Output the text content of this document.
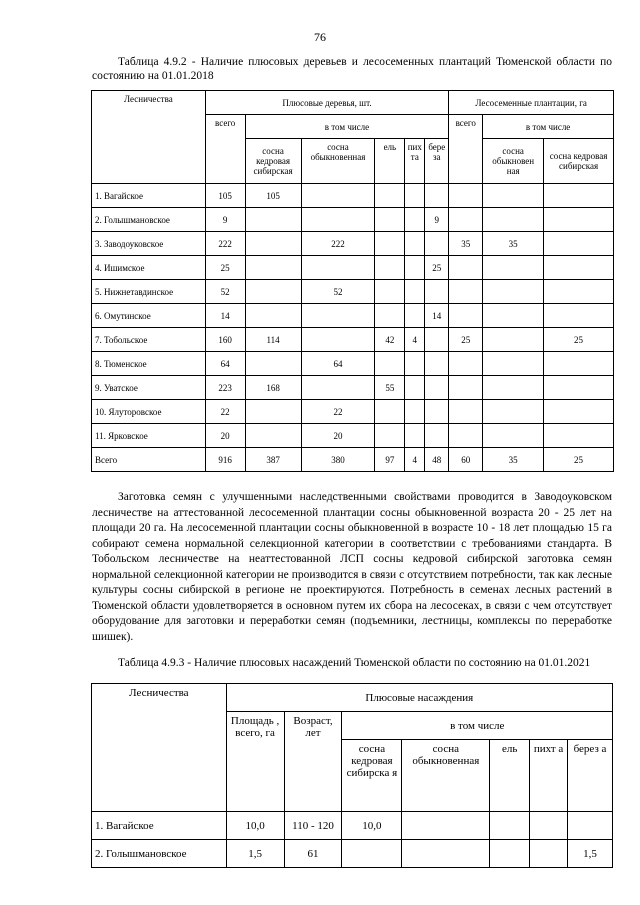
76
Таблица 4.9.2 - Наличие плюсовых деревьев и лесосеменных плантаций Тюменской области по состоянию на 01.01.2018
Лесничества	Плюсовые деревья, шт.						Лесосеменные плантации, га		
	всего	в том числе					всего	в том числе	
		сосна кедровая сибирская	сосна обыкновенная	ель	пих та	бере за		сосна обыкновен ная	сосна кедровая сибирская
1. Вагайское	105	105							
2. Голышмановское	9					9			
3. Заводоуковское	222		222				35	35	
4. Ишимское	25					25			
5. Нижнетавдинское	52		52						
6. Омутинское	14					14			
7. Тобольское	160	114		42	4		25		25
8. Тюменское	64		64						
9. Уватское	223	168		55					
10. Ялуторовское	22		22						
11. Ярковское	20		20						
Всего	916	387	380	97	4	48	60	35	25
Заготовка семян с улучшенными наследственными свойствами проводится в Заводоуковском лесничестве на аттестованной лесосеменной плантации сосны обыкновенной возраста 20 - 25 лет на площади 20 га. На лесосеменной плантации сосны обыкновенной в возрасте 10 - 18 лет площадью 15 га собирают семена нормальной селекционной категории в соответствии с требованиями стандарта. В Тобольском лесничестве на неаттестованной ЛСП сосны кедровой сибирской заготовка семян нормальной селекционной категории не производится в связи с отсутствием потребности, так как лесные культуры сосны сибирской в регионе не проектируются. Потребность в семенах лесных растений в Тюменской области удовлетворяется в основном путем их сбора на лесосеках, в связи с чем отсутствует оборудование для заготовки и переработки семян (подъемники, лестницы, комплексы по переработке шишек).
Таблица 4.9.3 - Наличие плюсовых насаждений Тюменской области по состоянию на 01.01.2021
Лесничества	Плюсовые насаждения						
	Площадь , всего, га	Возраст, лет	в том числе				
			сосна кедровая сибирска я	сосна обыкновенная	ель	пихт а	берез а
1. Вагайское	10,0	110 - 120	10,0				
2. Голышмановское	1,5	61					1,5
